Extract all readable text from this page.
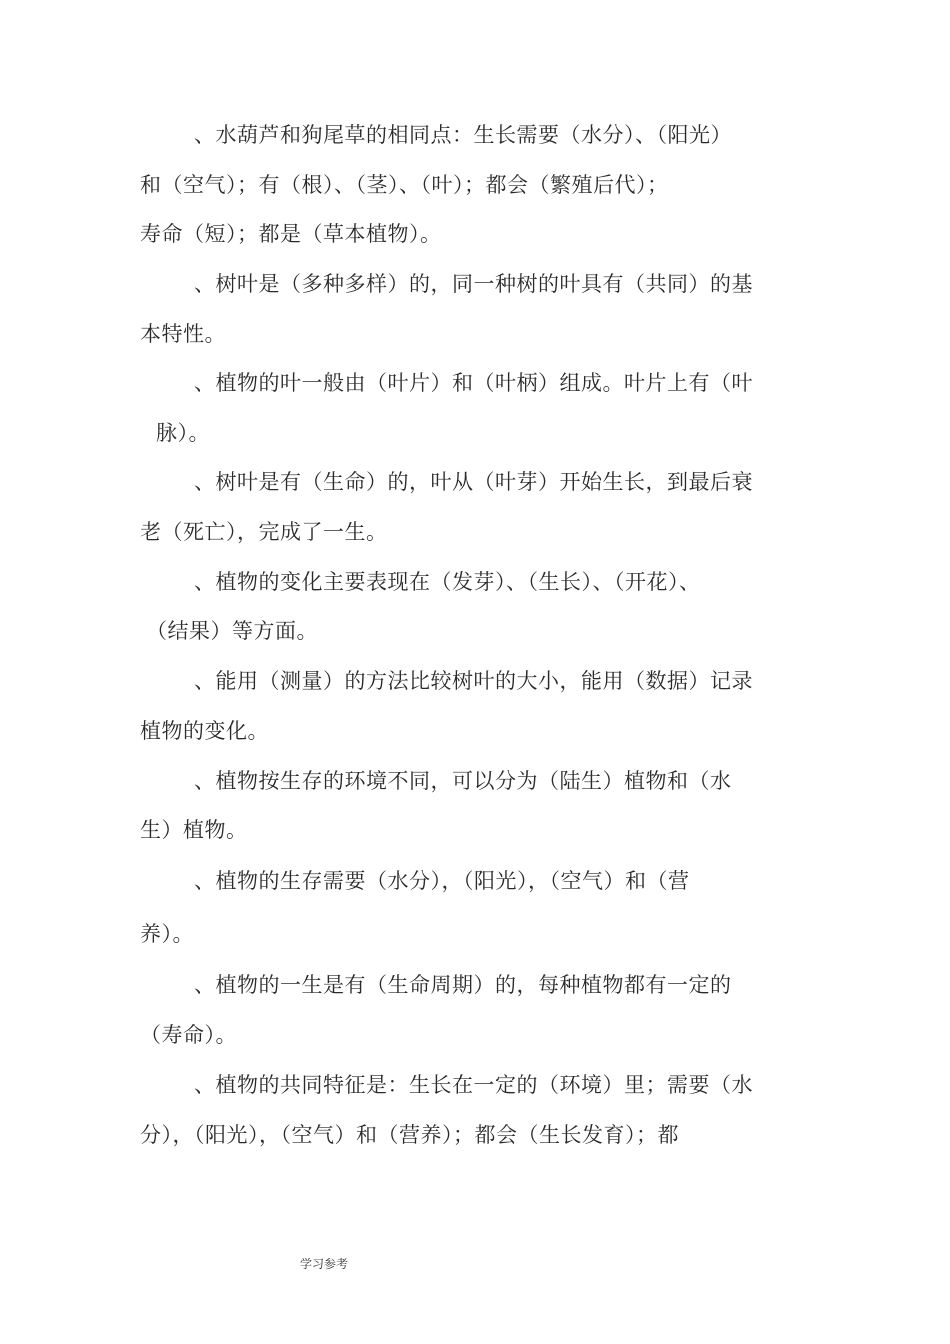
、水葫芦和狗尾草的相同点：生长需要（水分）、（阳光）
和（空气）；有（根）、（茎）、（叶）；都会（繁殖后代）；
寿命（短）；都是（草本植物）。
、树叶是（多种多样）的，同一种树的叶具有（共同）的基
本特性。
、植物的叶一般由（叶片）和（叶柄）组成。叶片上有（叶
脉）。
、树叶是有（生命）的，叶从（叶芽）开始生长，到最后衰
老（死亡），完成了一生。
、植物的变化主要表现在（发芽）、（生长）、（开花）、
（结果）等方面。
、能用（测量）的方法比较树叶的大小，能用（数据）记录
植物的变化。
、植物按生存的环境不同，可以分为（陆生）植物和（水
生）植物。
、植物的生存需要（水分），（阳光），（空气）和（营
养）。
、植物的一生是有（生命周期）的，每种植物都有一定的
（寿命）。
、植物的共同特征是：生长在一定的（环境）里；需要（水
分），（阳光），（空气）和（营养）；都会（生长发育）；都
学习参考
